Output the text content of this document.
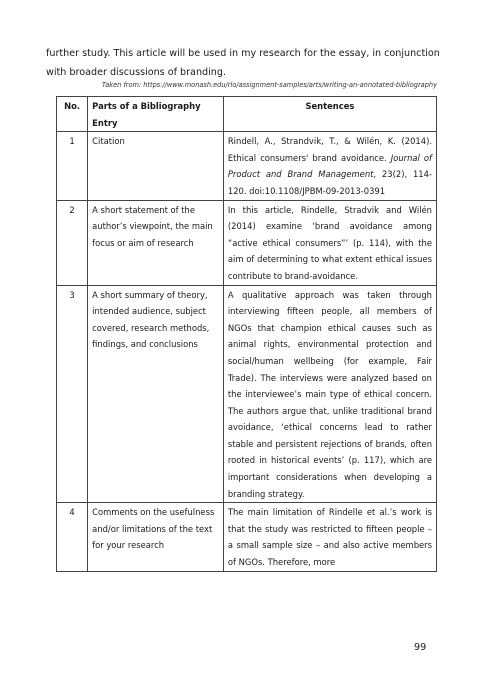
further study. This article will be used in my research for the essay, in conjunction
with broader discussions of branding.
Taken from: https://www.monash.edu/rlo/assignment-samples/arts/writing-an-annotated-bibliography
No.	Parts of a Bibliography Entry	Sentences
1	Citation	Rindell, A., Strandvik, T., & Wilén, K. (2014). Ethical consumers' brand avoidance. Journal of Product and Brand Management, 23(2), 114-120. doi:10.1108/JPBM-09-2013-0391
2	A short statement of the author’s viewpoint, the main focus or aim of research	In this article, Rindelle, Stradvik and Wilén (2014) examine ‘brand avoidance among “active ethical consumers”’ (p. 114), with the aim of determining to what extent ethical issues contribute to brand-avoidance.
3	A short summary of theory, intended audience, subject covered, research methods, findings, and conclusions	A qualitative approach was taken through interviewing fifteen people, all members of NGOs that champion ethical causes such as animal rights, environmental protection and social/human wellbeing (for example, Fair Trade). The interviews were analyzed based on the interviewee’s main type of ethical concern. The authors argue that, unlike traditional brand avoidance, ‘ethical concerns lead to rather stable and persistent rejections of brands, often rooted in historical events’ (p. 117), which are important considerations when developing a branding strategy.
4	Comments on the usefulness and/or limitations of the text for your research	The main limitation of Rindelle et al.’s work is that the study was restricted to fifteen people – a small sample size – and also active members of NGOs. Therefore, more
99
